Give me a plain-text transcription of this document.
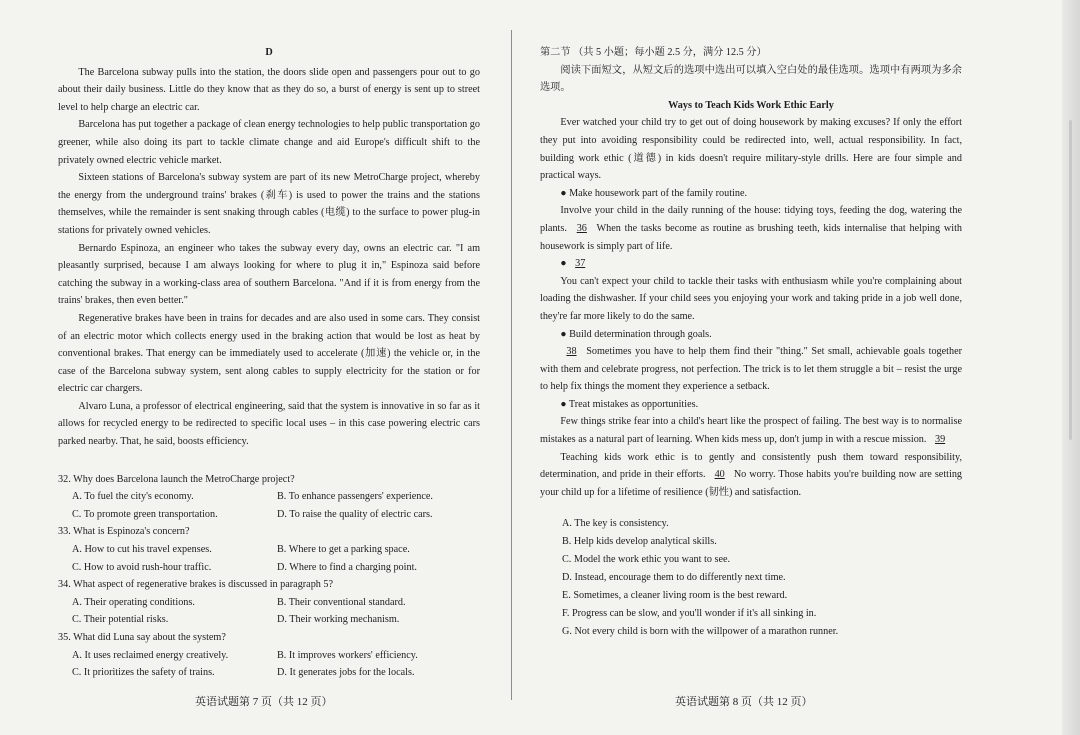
D

The Barcelona subway pulls into the station, the doors slide open and passengers pour out to go about their daily business. Little do they know that as they do so, a burst of energy is sent up to street level to help charge an electric car.

Barcelona has put together a package of clean energy technologies to help public transportation go greener, while also doing its part to tackle climate change and aid Europe's difficult shift to the privately owned electric vehicle market.

Sixteen stations of Barcelona's subway system are part of its new MetroCharge project, whereby the energy from the underground trains' brakes (刹车) is used to power the trains and the stations themselves, while the remainder is sent snaking through cables (电缆) to the surface to power plug-in stations for privately owned vehicles.

Bernardo Espinoza, an engineer who takes the subway every day, owns an electric car. "I am pleasantly surprised, because I am always looking for where to plug it in," Espinoza said before catching the subway in a working-class area of southern Barcelona. "And if it is from energy from the trains' brakes, then even better."

Regenerative brakes have been in trains for decades and are also used in some cars. They consist of an electric motor which collects energy used in the braking action that would be lost as heat by conventional brakes. That energy can be immediately used to accelerate (加速) the vehicle or, in the case of the Barcelona subway system, sent along cables to supply electricity for the station or for electric car chargers.

Alvaro Luna, a professor of electrical engineering, said that the system is innovative in so far as it allows for recycled energy to be redirected to specific local uses – in this case powering electric cars parked nearby. That, he said, boosts efficiency.

32. Why does Barcelona launch the MetroCharge project?
A. To fuel the city's economy.	B. To enhance passengers' experience.
C. To promote green transportation.	D. To raise the quality of electric cars.
33. What is Espinoza's concern?
A. How to cut his travel expenses.	B. Where to get a parking space.
C. How to avoid rush-hour traffic.	D. Where to find a charging point.
34. What aspect of regenerative brakes is discussed in paragraph 5?
A. Their operating conditions.	B. Their conventional standard.
C. Their potential risks.	D. Their working mechanism.
35. What did Luna say about the system?
A. It uses reclaimed energy creatively.	B. It improves workers' efficiency.
C. It prioritizes the safety of trains.	D. It generates jobs for the locals.
第二节 （共 5 小题；每小题 2.5 分，满分 12.5 分）

阅读下面短文，从短文后的选项中选出可以填入空白处的最佳选项。选项中有两项为多余选项。

Ways to Teach Kids Work Ethic Early

Ever watched your child try to get out of doing housework by making excuses? If only the effort they put into avoiding responsibility could be redirected into, well, actual responsibility. In fact, building work ethic (道德) in kids doesn't require military-style drills. Here are four simple and practical ways.

● Make housework part of the family routine.

Involve your child in the daily running of the house: tidying toys, feeding the dog, watering the plants. 36 When the tasks become as routine as brushing teeth, kids internalise that helping with housework is simply part of life.

● 37

You can't expect your child to tackle their tasks with enthusiasm while you're complaining about loading the dishwasher. If your child sees you enjoying your work and taking pride in a job well done, they're far more likely to do the same.

● Build determination through goals.

38 Sometimes you have to help them find their "thing." Set small, achievable goals together with them and celebrate progress, not perfection. The trick is to let them struggle a bit – resist the urge to help fix things the moment they experience a setback.

● Treat mistakes as opportunities.

Few things strike fear into a child's heart like the prospect of failing. The best way is to normalise mistakes as a natural part of learning. When kids mess up, don't jump in with a rescue mission. 39

Teaching kids work ethic is to gently and consistently push them toward responsibility, determination, and pride in their efforts. 40 No worry. Those habits you're building now are setting your child up for a lifetime of resilience (韧性) and satisfaction.

A. The key is consistency.
B. Help kids develop analytical skills.
C. Model the work ethic you want to see.
D. Instead, encourage them to do differently next time.
E. Sometimes, a cleaner living room is the best reward.
F. Progress can be slow, and you'll wonder if it's all sinking in.
G. Not every child is born with the willpower of a marathon runner.
英语试题第 7 页（共 12 页）	英语试题第 8 页（共 12 页）
